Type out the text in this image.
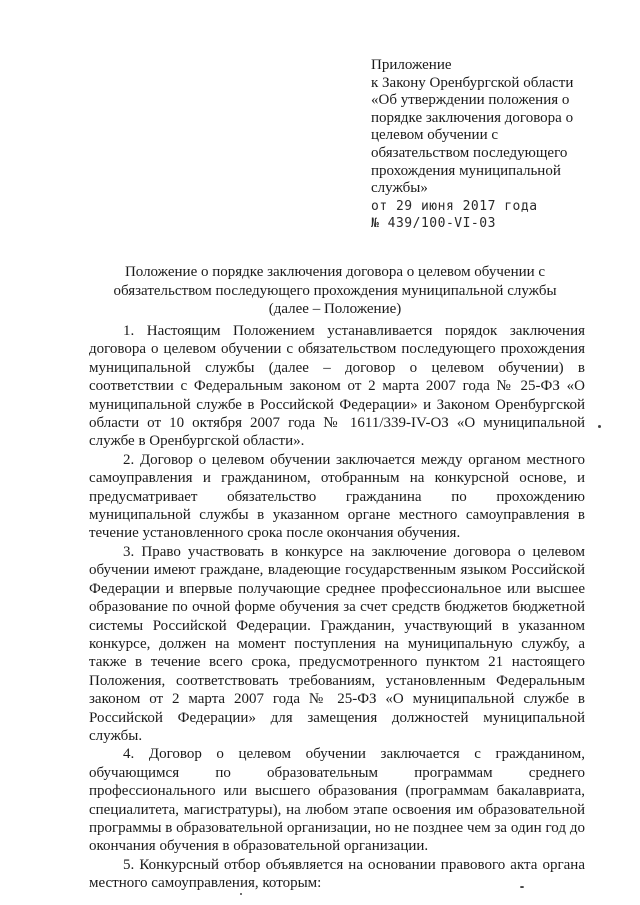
Приложение

к Закону Оренбургской области

«Об утверждении положения о

порядке заключения договора о

целевом обучении с

обязательством последующего

прохождения муниципальной

службы»

от 29 июня 2017 года

№ 439/100-VI-03

Положение о порядке заключения договора о целевом обучении с

обязательством последующего прохождения муниципальной службы

(далее – Положение)

1. Настоящим Положением устанавливается порядок заключения договора о целевом обучении с обязательством последующего прохождения муниципальной службы (далее – договор о целевом обучении) в соответствии с Федеральным законом от 2 марта 2007 года № 25-ФЗ «О муниципальной службе в Российской Федерации» и Законом Оренбургской области от 10 октября 2007 года № 1611/339-IV-ОЗ «О муниципальной службе в Оренбургской области».

2. Договор о целевом обучении заключается между органом местного самоуправления и гражданином, отобранным на конкурсной основе, и предусматривает обязательство гражданина по прохождению муниципальной службы в указанном органе местного самоуправления в течение установленного срока после окончания обучения.

3. Право участвовать в конкурсе на заключение договора о целевом обучении имеют граждане, владеющие государственным языком Российской Федерации и впервые получающие среднее профессиональное или высшее образование по очной форме обучения за счет средств бюджетов бюджетной системы Российской Федерации. Гражданин, участвующий в указанном конкурсе, должен на момент поступления на муниципальную службу, а также в течение всего срока, предусмотренного пунктом 21 настоящего Положения, соответствовать требованиям, установленным Федеральным законом от 2 марта 2007 года № 25-ФЗ «О муниципальной службе в Российской Федерации» для замещения должностей муниципальной службы.

4. Договор о целевом обучении заключается с гражданином, обучающимся по образовательным программам среднего профессионального или высшего образования (программам бакалавриата, специалитета, магистратуры), на любом этапе освоения им образовательной программы в образовательной организации, но не позднее чем за один год до окончания обучения в образовательной организации.

5. Конкурсный отбор объявляется на основании правового акта органа местного самоуправления, которым:
